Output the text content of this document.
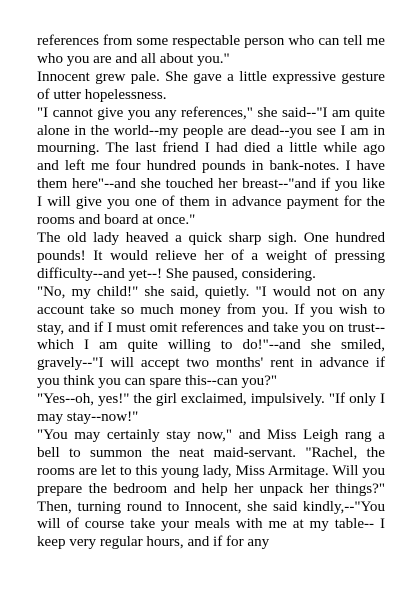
references from some respectable person who can tell me who you are and all about you."

Innocent grew pale. She gave a little expressive gesture of utter hopelessness.

"I cannot give you any references," she said--"I am quite alone in the world--my people are dead--you see I am in mourning. The last friend I had died a little while ago and left me four hundred pounds in bank-notes. I have them here"--and she touched her breast--"and if you like I will give you one of them in advance payment for the rooms and board at once."

The old lady heaved a quick sharp sigh. One hundred pounds! It would relieve her of a weight of pressing difficulty--and yet--! She paused, considering.

"No, my child!" she said, quietly. "I would not on any account take so much money from you. If you wish to stay, and if I must omit references and take you on trust--which I am quite willing to do!"--and she smiled, gravely--"I will accept two months' rent in advance if you think you can spare this--can you?"

"Yes--oh, yes!" the girl exclaimed, impulsively. "If only I may stay--now!"

"You may certainly stay now," and Miss Leigh rang a bell to summon the neat maid-servant. "Rachel, the rooms are let to this young lady, Miss Armitage. Will you prepare the bedroom and help her unpack her things?" Then, turning round to Innocent, she said kindly,--"You will of course take your meals with me at my table-- I keep very regular hours, and if for any
